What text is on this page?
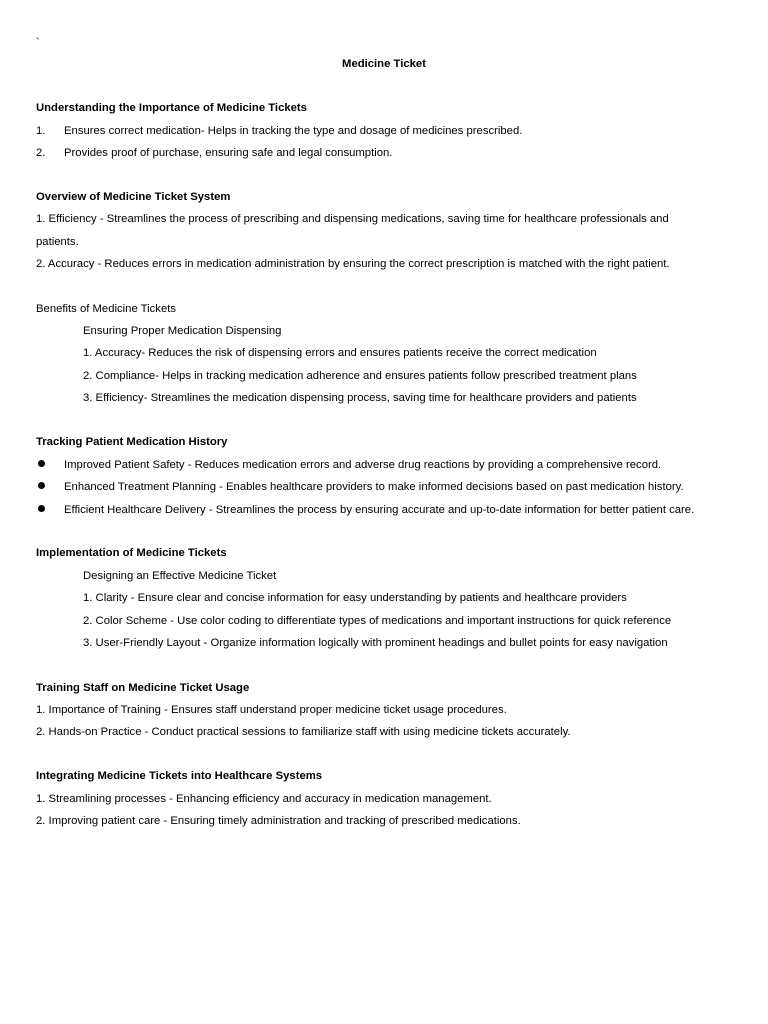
`
Medicine Ticket
Understanding the Importance of Medicine Tickets
1. Ensures correct medication- Helps in tracking the type and dosage of medicines prescribed.
2. Provides proof of purchase, ensuring safe and legal consumption.
Overview of Medicine Ticket System
1. Efficiency - Streamlines the process of prescribing and dispensing medications, saving time for healthcare professionals and
patients.
2. Accuracy - Reduces errors in medication administration by ensuring the correct prescription is matched with the right patient.
Benefits of Medicine Tickets
Ensuring Proper Medication Dispensing
1. Accuracy- Reduces the risk of dispensing errors and ensures patients receive the correct medication
2. Compliance- Helps in tracking medication adherence and ensures patients follow prescribed treatment plans
3. Efficiency- Streamlines the medication dispensing process, saving time for healthcare providers and patients
Tracking Patient Medication History
Improved Patient Safety - Reduces medication errors and adverse drug reactions by providing a comprehensive record.
Enhanced Treatment Planning - Enables healthcare providers to make informed decisions based on past medication history.
Efficient Healthcare Delivery - Streamlines the process by ensuring accurate and up-to-date information for better patient care.
Implementation of Medicine Tickets
Designing an Effective Medicine Ticket
1. Clarity - Ensure clear and concise information for easy understanding by patients and healthcare providers
2. Color Scheme - Use color coding to differentiate types of medications and important instructions for quick reference
3. User-Friendly Layout - Organize information logically with prominent headings and bullet points for easy navigation
Training Staff on Medicine Ticket Usage
1. Importance of Training - Ensures staff understand proper medicine ticket usage procedures.
2. Hands-on Practice - Conduct practical sessions to familiarize staff with using medicine tickets accurately.
Integrating Medicine Tickets into Healthcare Systems
1. Streamlining processes - Enhancing efficiency and accuracy in medication management.
2. Improving patient care - Ensuring timely administration and tracking of prescribed medications.
